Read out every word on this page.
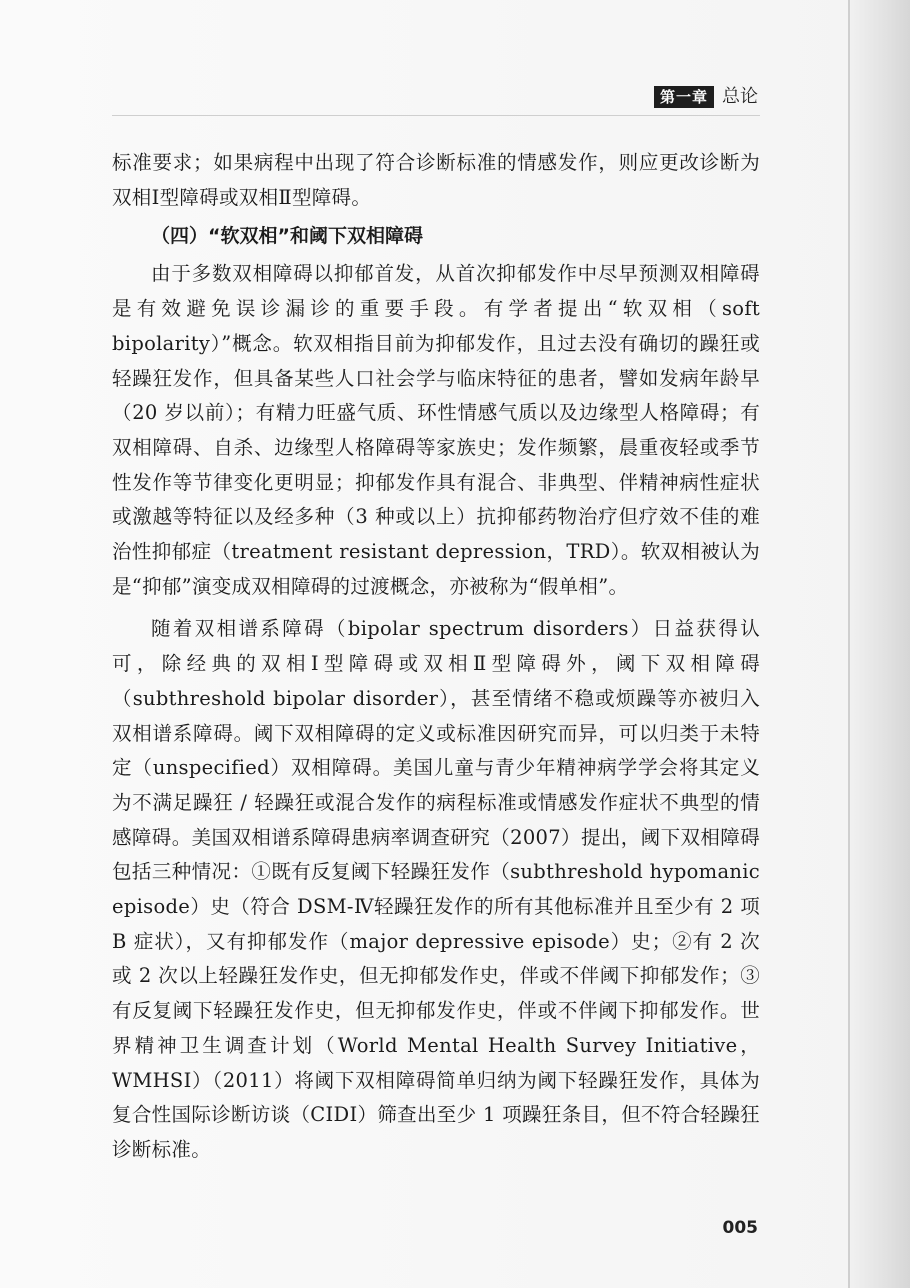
第一章 总论

标准要求；如果病程中出现了符合诊断标准的情感发作，则应更改诊断为双相Ⅰ型障碍或双相Ⅱ型障碍。

（四）“软双相”和阈下双相障碍

由于多数双相障碍以抑郁首发，从首次抑郁发作中尽早预测双相障碍是有效避免误诊漏诊的重要手段。有学者提出“软双相（soft bipolarity）”概念。软双相指目前为抑郁发作，且过去没有确切的躁狂或轻躁狂发作，但具备某些人口社会学与临床特征的患者，譬如发病年龄早（20 岁以前）；有精力旺盛气质、环性情感气质以及边缘型人格障碍；有双相障碍、自杀、边缘型人格障碍等家族史；发作频繁，晨重夜轻或季节性发作等节律变化更明显；抑郁发作具有混合、非典型、伴精神病性症状或激越等特征以及经多种（3 种或以上）抗抑郁药物治疗但疗效不佳的难治性抑郁症（treatment resistant depression，TRD）。软双相被认为是“抑郁”演变成双相障碍的过渡概念，亦被称为“假单相”。

随着双相谱系障碍（bipolar spectrum disorders）日益获得认可，除经典的双相Ⅰ型障碍或双相Ⅱ型障碍外，阈下双相障碍（subthreshold bipolar disorder），甚至情绪不稳或烦躁等亦被归入双相谱系障碍。阈下双相障碍的定义或标准因研究而异，可以归类于未特定（unspecified）双相障碍。美国儿童与青少年精神病学学会将其定义为不满足躁狂 / 轻躁狂或混合发作的病程标准或情感发作症状不典型的情感障碍。美国双相谱系障碍患病率调查研究（2007）提出，阈下双相障碍包括三种情况：①既有反复阈下轻躁狂发作（subthreshold hypomanic episode）史（符合 DSM-Ⅳ轻躁狂发作的所有其他标准并且至少有 2 项 B 症状），又有抑郁发作（major depressive episode）史；②有 2 次或 2 次以上轻躁狂发作史，但无抑郁发作史，伴或不伴阈下抑郁发作；③有反复阈下轻躁狂发作史，但无抑郁发作史，伴或不伴阈下抑郁发作。世界精神卫生调查计划（World Mental Health Survey Initiative，WMHSI）（2011）将阈下双相障碍简单归纳为阈下轻躁狂发作，具体为复合性国际诊断访谈（CIDI）筛查出至少 1 项躁狂条目，但不符合轻躁狂诊断标准。

005
